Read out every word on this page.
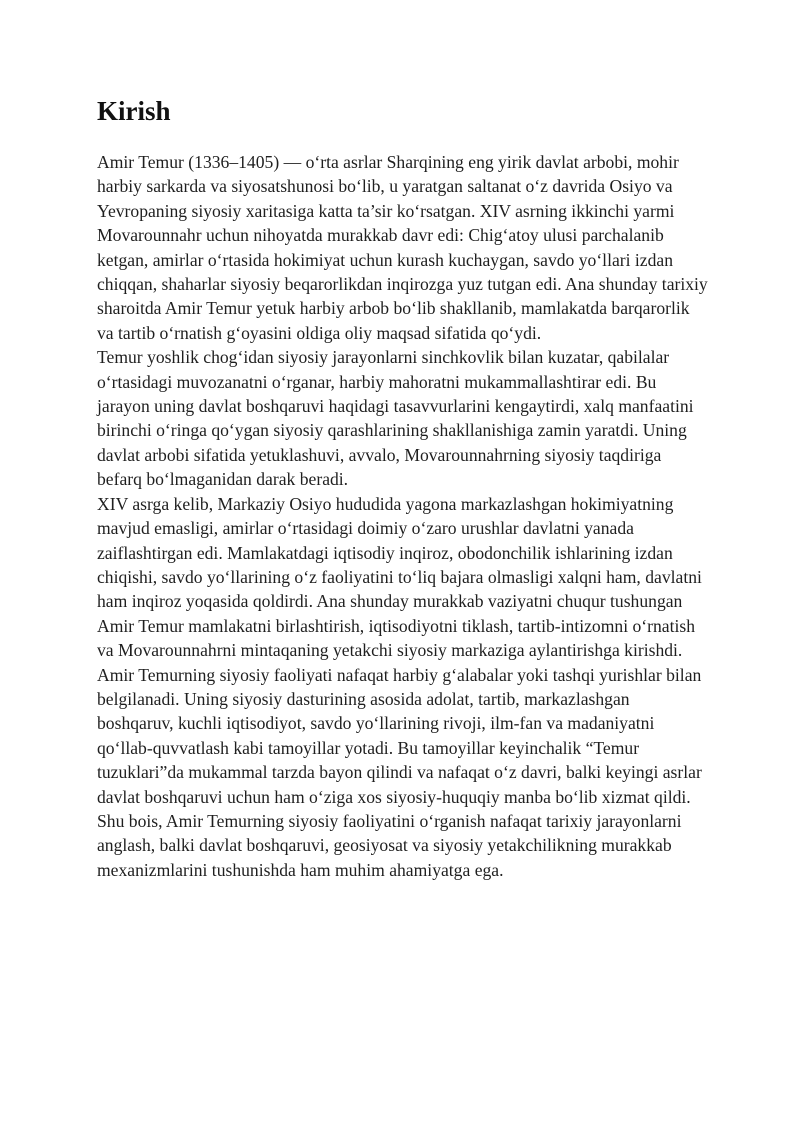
Kirish

Amir Temur (1336–1405) — o‘rta asrlar Sharqining eng yirik davlat arbobi, mohir harbiy sarkarda va siyosatshunosi bo‘lib, u yaratgan saltanat o‘z davrida Osiyo va Yevropaning siyosiy xaritasiga katta ta’sir ko‘rsatgan. XIV asrning ikkinchi yarmi Movarounnahr uchun nihoyatda murakkab davr edi: Chig‘atoy ulusi parchalanib ketgan, amirlar o‘rtasida hokimiyat uchun kurash kuchaygan, savdo yo‘llari izdan chiqqan, shaharlar siyosiy beqarorlikdan inqirozga yuz tutgan edi. Ana shunday tarixiy sharoitda Amir Temur yetuk harbiy arbob bo‘lib shakllanib, mamlakatda barqarorlik va tartib o‘rnatish g‘oyasini oldiga oliy maqsad sifatida qo‘ydi.

Temur yoshlik chog‘idan siyosiy jarayonlarni sinchkovlik bilan kuzatar, qabilalar o‘rtasidagi muvozanatni o‘rganar, harbiy mahoratni mukammallashtirar edi. Bu jarayon uning davlat boshqaruvi haqidagi tasavvurlarini kengaytirdi, xalq manfaatini birinchi o‘ringa qo‘ygan siyosiy qarashlarining shakllanishiga zamin yaratdi. Uning davlat arbobi sifatida yetuklashuvi, avvalo, Movarounnahrning siyosiy taqdiriga befarq bo‘lmaganidan darak beradi.

XIV asrga kelib, Markaziy Osiyo hududida yagona markazlashgan hokimiyatning mavjud emasligi, amirlar o‘rtasidagi doimiy o‘zaro urushlar davlatni yanada zaiflashtirgan edi. Mamlakatdagi iqtisodiy inqiroz, obodonchilik ishlarining izdan chiqishi, savdo yo‘llarining o‘z faoliyatini to‘liq bajara olmasligi xalqni ham, davlatni ham inqiroz yoqasida qoldirdi. Ana shunday murakkab vaziyatni chuqur tushungan Amir Temur mamlakatni birlashtirish, iqtisodiyotni tiklash, tartib-intizomni o‘rnatish va Movarounnahrni mintaqaning yetakchi siyosiy markaziga aylantirishga kirishdi.

Amir Temurning siyosiy faoliyati nafaqat harbiy g‘alabalar yoki tashqi yurishlar bilan belgilanadi. Uning siyosiy dasturining asosida adolat, tartib, markazlashgan boshqaruv, kuchli iqtisodiyot, savdo yo‘llarining rivoji, ilm-fan va madaniyatni qo‘llab-quvvatlash kabi tamoyillar yotadi. Bu tamoyillar keyinchalik “Temur tuzuklari”da mukammal tarzda bayon qilindi va nafaqat o‘z davri, balki keyingi asrlar davlat boshqaruvi uchun ham o‘ziga xos siyosiy-huquqiy manba bo‘lib xizmat qildi.

Shu bois, Amir Temurning siyosiy faoliyatini o‘rganish nafaqat tarixiy jarayonlarni anglash, balki davlat boshqaruvi, geosiyosat va siyosiy yetakchilikning murakkab mexanizmlarini tushunishda ham muhim ahamiyatga ega.
